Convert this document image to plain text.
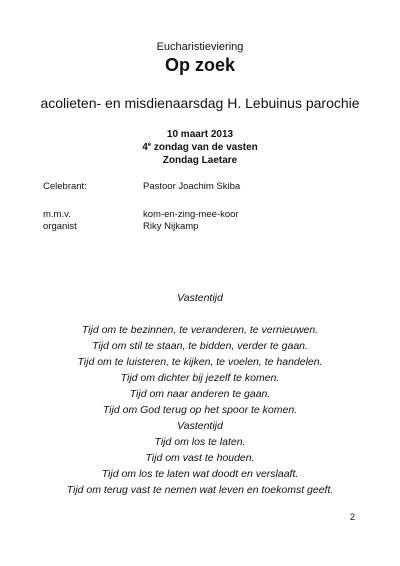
Eucharistieviering
Op zoek
acolieten- en misdienaarsdag H. Lebuinus parochie
10 maart 2013
4e zondag van de vasten
Zondag Laetare
Celebrant:	Pastoor Joachim Skiba
m.m.v.	kom-en-zing-mee-koor
organist	Riky Nijkamp
Vastentijd
Tijd om te bezinnen, te veranderen, te vernieuwen.
Tijd om stil te staan, te bidden, verder te gaan.
Tijd om te luisteren, te kijken, te voelen, te handelen.
Tijd om dichter bij jezelf te komen.
Tijd om naar anderen te gaan.
Tijd om God terug op het spoor te komen.
Vastentijd
Tijd om los te laten.
Tijd om vast te houden.
Tijd om los te laten wat doodt en verslaaft.
Tijd om terug vast te nemen wat leven en toekomst geeft.
2
